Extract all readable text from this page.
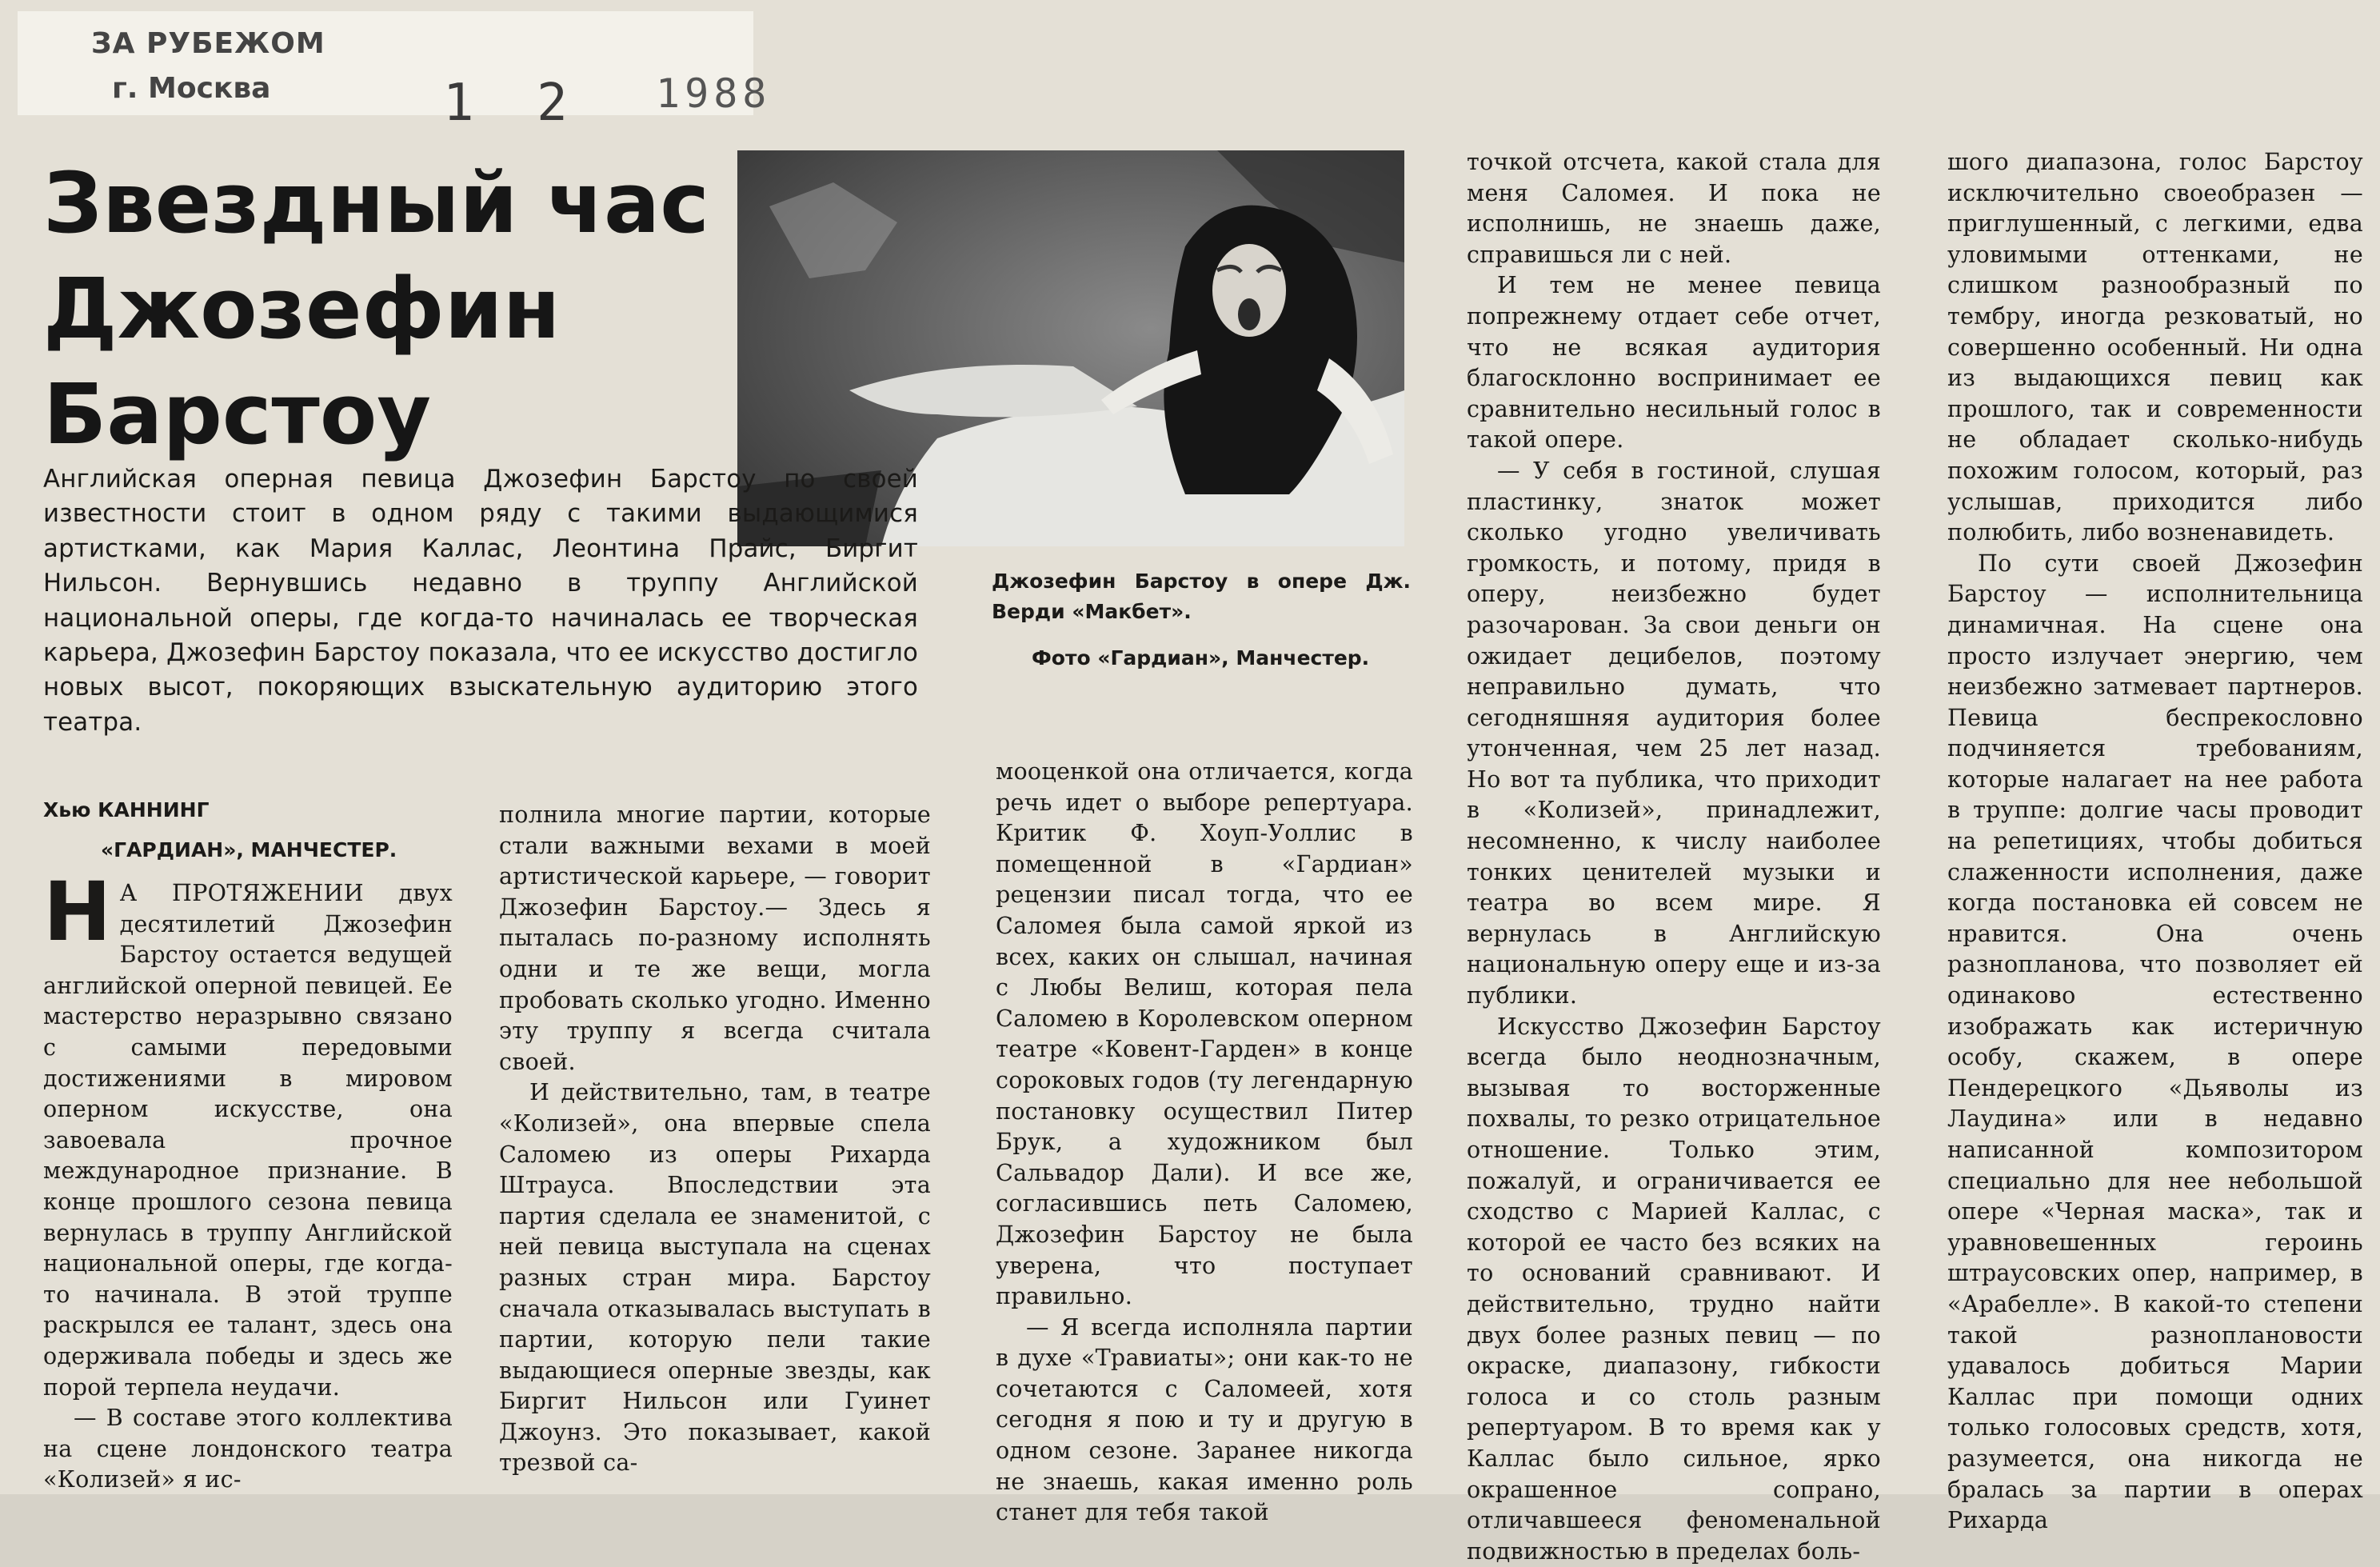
ЗА РУБЕЖОМ
г. Москва	1 2 1988
Звездный час
Джозефин
Барстоу
Джозефин Барстоу в опере Дж. Верди «Макбет».
Фото «Гардиан», Манчестер.
Английская оперная певица Джозефин Барстоу по своей известности стоит в одном ряду с такими выдающимися артистками, как Мария Каллас, Леонтина Прайс, Биргит Нильсон. Вернувшись недавно в труппу Английской национальной оперы, где когда-то начиналась ее творческая карьера, Джозефин Барстоу показала, что ее искусство достигло новых высот, покоряющих взыскательную аудиторию этого театра.
Хью КАННИНГ
«ГАРДИАН», МАНЧЕСТЕР.

Н А ПРОТЯЖЕНИИ двух десятилетий Джозефин Барстоу остается ведущей английской оперной певицей. Ее мастерство неразрывно связано с самыми передовыми достижениями в мировом оперном искусстве, она завоевала прочное международное признание. В конце прошлого сезона певица вернулась в труппу Английской национальной оперы, где когда-то начинала. В этой труппе раскрылся ее талант, здесь она одерживала победы и здесь же порой терпела неудачи.

— В составе этого коллектива на сцене лондонского театра «Колизей» я ис-

полнила многие партии, которые стали важными вехами в моей артистической карьере, — говорит Джозефин Барстоу.— Здесь я пыталась по-разному исполнять одни и те же вещи, могла пробовать сколько угодно. Именно эту труппу я всегда считала своей.

И действительно, там, в театре «Колизей», она впервые спела Саломею из оперы Рихарда Штрауса. Впоследствии эта партия сделала ее знаменитой, с ней певица выступала на сценах разных стран мира. Барстоу сначала отказывалась выступать в партии, которую пели такие выдающиеся оперные звезды, как Биргит Нильсон или Гуинет Джоунз. Это показывает, какой трезвой са-

мооценкой она отличается, когда речь идет о выборе репертуара. Критик Ф. Хоуп-Уоллис в помещенной в «Гардиан» рецензии писал тогда, что ее Саломея была самой яркой из всех, каких он слышал, начиная с Любы Велиш, которая пела Саломею в Королевском оперном театре «Ковент-Гарден» в конце сороковых годов (ту легендарную постановку осуществил Питер Брук, а художником был Сальвадор Дали). И все же, согласившись петь Саломею, Джозефин Барстоу не была уверена, что поступает правильно.

— Я всегда исполняла партии в духе «Травиаты»; они как-то не сочетаются с Саломеей, хотя сегодня я пою и ту и другую в одном сезоне. Заранее никогда не знаешь, какая именно роль станет для тебя такой

точкой отсчета, какой стала для меня Саломея. И пока не исполнишь, не знаешь даже, справишься ли с ней.

И тем не менее певица попрежнему отдает себе отчет, что не всякая аудитория благосклонно воспринимает ее сравнительно несильный голос в такой опере.

— У себя в гостиной, слушая пластинку, знаток может сколько угодно увеличивать громкость, и потому, придя в оперу, неизбежно будет разочарован. За свои деньги он ожидает децибелов, поэтому неправильно думать, что сегодняшняя аудитория более утонченная, чем 25 лет назад. Но вот та публика, что приходит в «Колизей», принадлежит, несомненно, к числу наиболее тонких ценителей музыки и театра во всем мире. Я вернулась в Английскую национальную оперу еще и из-за публики.

Искусство Джозефин Барстоу всегда было неоднозначным, вызывая то восторженные похвалы, то резко отрицательное отношение. Только этим, пожалуй, и ограничивается ее сходство с Марией Каллас, с которой ее часто без всяких на то оснований сравнивают. И действительно, трудно найти двух более разных певиц — по окраске, диапазону, гибкости голоса и со столь разным репертуаром. В то время как у Каллас было сильное, ярко окрашенное сопрано, отличавшееся феноменальной подвижностью в пределах боль-

шого диапазона, голос Барстоу исключительно своеобразен — приглушенный, с легкими, едва уловимыми оттенками, не слишком разнообразный по тембру, иногда резковатый, но совершенно особенный. Ни одна из выдающихся певиц как прошлого, так и современности не обладает сколько-нибудь похожим голосом, который, раз услышав, приходится либо полюбить, либо возненавидеть.

По сути своей Джозефин Барстоу — исполнительница динамичная. На сцене она просто излучает энергию, чем неизбежно затмевает партнеров. Певица беспрекословно подчиняется требованиям, которые налагает на нее работа в труппе: долгие часы проводит на репетициях, чтобы добиться слаженности исполнения, даже когда постановка ей совсем не нравится. Она очень разнопланова, что позволяет ей одинаково естественно изображать как истеричную особу, скажем, в опере Пендерецкого «Дьяволы из Лаудина» или в недавно написанной композитором специально для нее небольшой опере «Черная маска», так и уравновешенных героинь штраусовских опер, например, в «Арабелле». В какой-то степени такой разноплановости удавалось добиться Марии Каллас при помощи одних только голосовых средств, хотя, разумеется, она никогда не бралась за партии в операх Рихарда
